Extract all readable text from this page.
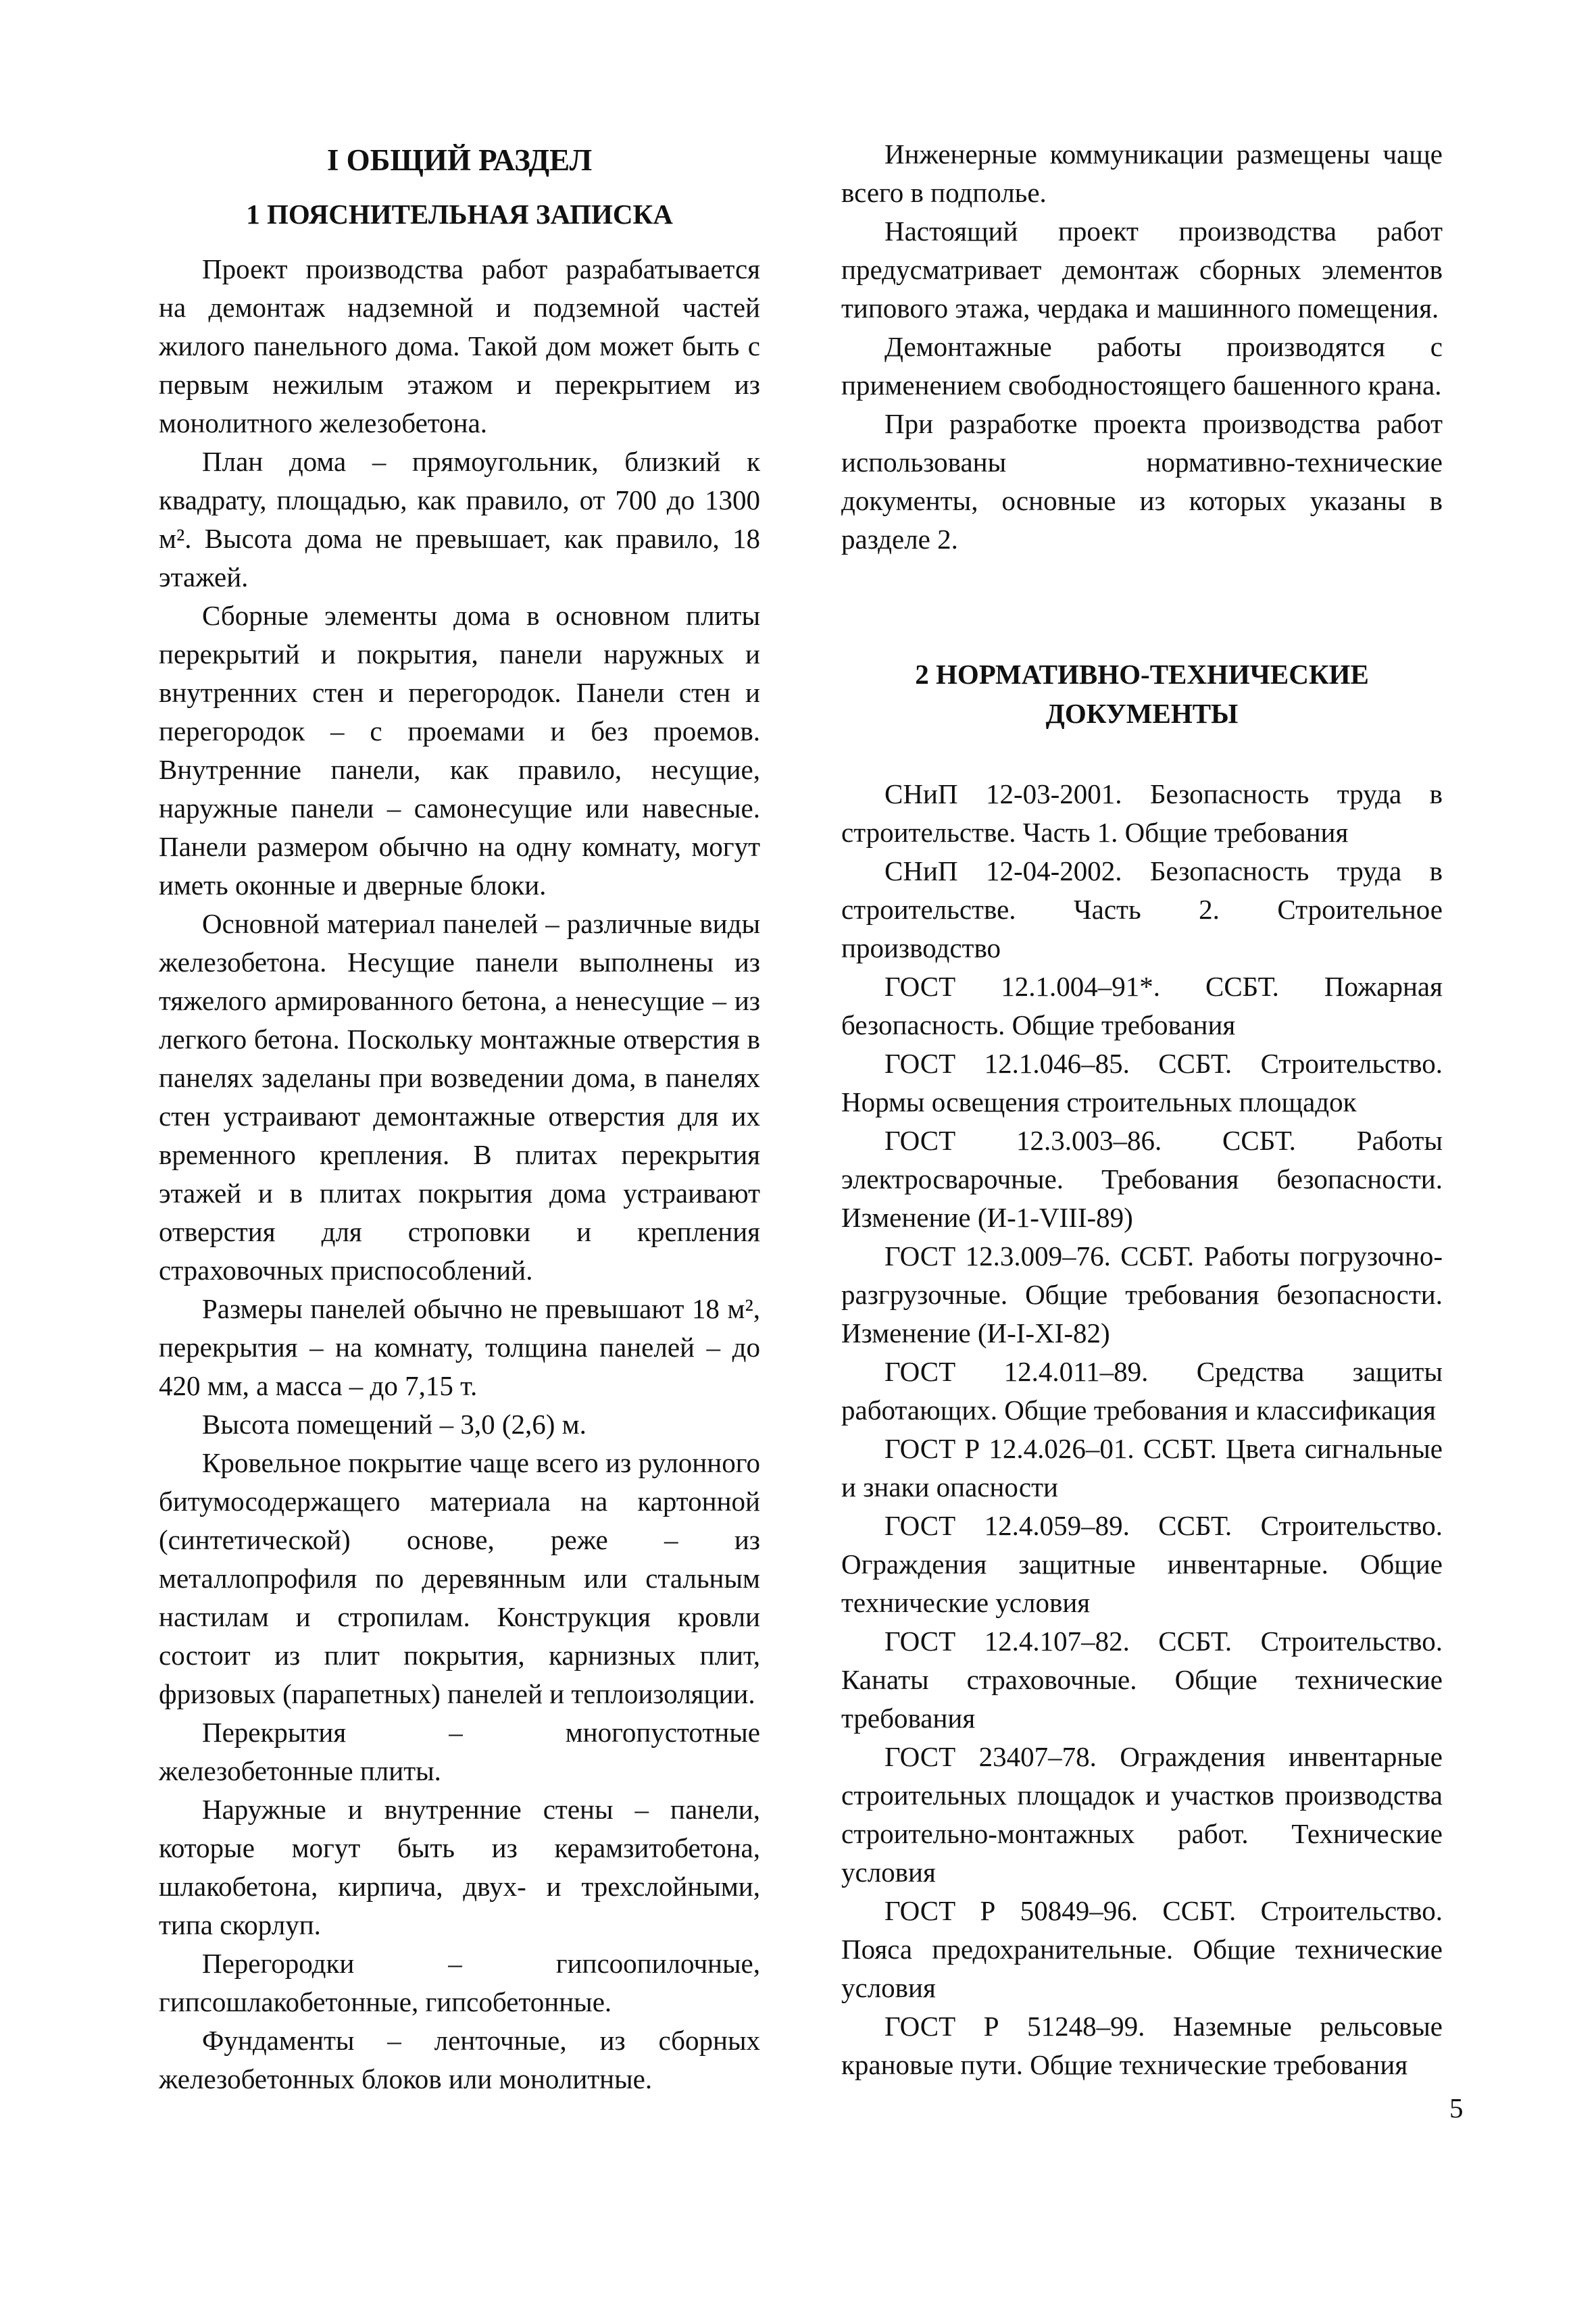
I ОБЩИЙ РАЗДЕЛ
1 ПОЯСНИТЕЛЬНАЯ ЗАПИСКА

Проект производства работ разрабатывается на демонтаж надземной и подземной частей жилого панельного дома. Такой дом может быть с первым нежилым этажом и перекрытием из монолитного железобетона.

План дома – прямоугольник, близкий к квадрату, площадью, как правило, от 700 до 1300 м². Высота дома не превышает, как правило, 18 этажей.

Сборные элементы дома в основном плиты перекрытий и покрытия, панели наружных и внутренних стен и перегородок. Панели стен и перегородок – с проемами и без проемов. Внутренние панели, как правило, несущие, наружные панели – самонесущие или навесные. Панели размером обычно на одну комнату, могут иметь оконные и дверные блоки.

Основной материал панелей – различные виды железобетона. Несущие панели выполнены из тяжелого армированного бетона, а ненесущие – из легкого бетона. Поскольку монтажные отверстия в панелях заделаны при возведении дома, в панелях стен устраивают демонтажные отверстия для их временного крепления. В плитах перекрытия этажей и в плитах покрытия дома устраивают отверстия для строповки и крепления страховочных приспособлений.

Размеры панелей обычно не превышают 18 м², перекрытия – на комнату, толщина панелей – до 420 мм, а масса – до 7,15 т.

Высота помещений – 3,0 (2,6) м.

Кровельное покрытие чаще всего из рулонного битумосодержащего материала на картонной (синтетической) основе, реже – из металлопрофиля по деревянным или стальным настилам и стропилам. Конструкция кровли состоит из плит покрытия, карнизных плит, фризовых (парапетных) панелей и теплоизоляции.

Перекрытия – многопустотные железобетонные плиты.

Наружные и внутренние стены – панели, которые могут быть из керамзитобетона, шлакобетона, кирпича, двух- и трехслойными, типа скорлуп.

Перегородки – гипсоопилочные, гипсошлакобетонные, гипсобетонные.

Фундаменты – ленточные, из сборных железобетонных блоков или монолитные.

Инженерные коммуникации размещены чаще всего в подполье.

Настоящий проект производства работ предусматривает демонтаж сборных элементов типового этажа, чердака и машинного помещения.

Демонтажные работы производятся с применением свободностоящего башенного крана.

При разработке проекта производства работ использованы нормативно-технические документы, основные из которых указаны в разделе 2.

2 НОРМАТИВНО-ТЕХНИЧЕСКИЕ ДОКУМЕНТЫ

СНиП 12-03-2001. Безопасность труда в строительстве. Часть 1. Общие требования

СНиП 12-04-2002. Безопасность труда в строительстве. Часть 2. Строительное производство

ГОСТ 12.1.004–91*. ССБТ. Пожарная безопасность. Общие требования

ГОСТ 12.1.046–85. ССБТ. Строительство. Нормы освещения строительных площадок

ГОСТ 12.3.003–86. ССБТ. Работы электросварочные. Требования безопасности. Изменение (И-1-VIII-89)

ГОСТ 12.3.009–76. ССБТ. Работы погрузочно-разгрузочные. Общие требования безопасности. Изменение (И-I-XI-82)

ГОСТ 12.4.011–89. Средства защиты работающих. Общие требования и классификация

ГОСТ Р 12.4.026–01. ССБТ. Цвета сигнальные и знаки опасности

ГОСТ 12.4.059–89. ССБТ. Строительство. Ограждения защитные инвентарные. Общие технические условия

ГОСТ 12.4.107–82. ССБТ. Строительство. Канаты страховочные. Общие технические требования

ГОСТ 23407–78. Ограждения инвентарные строительных площадок и участков производства строительно-монтажных работ. Технические условия

ГОСТ Р 50849–96. ССБТ. Строительство. Пояса предохранительные. Общие технические условия

ГОСТ Р 51248–99. Наземные рельсовые крановые пути. Общие технические требования

5
